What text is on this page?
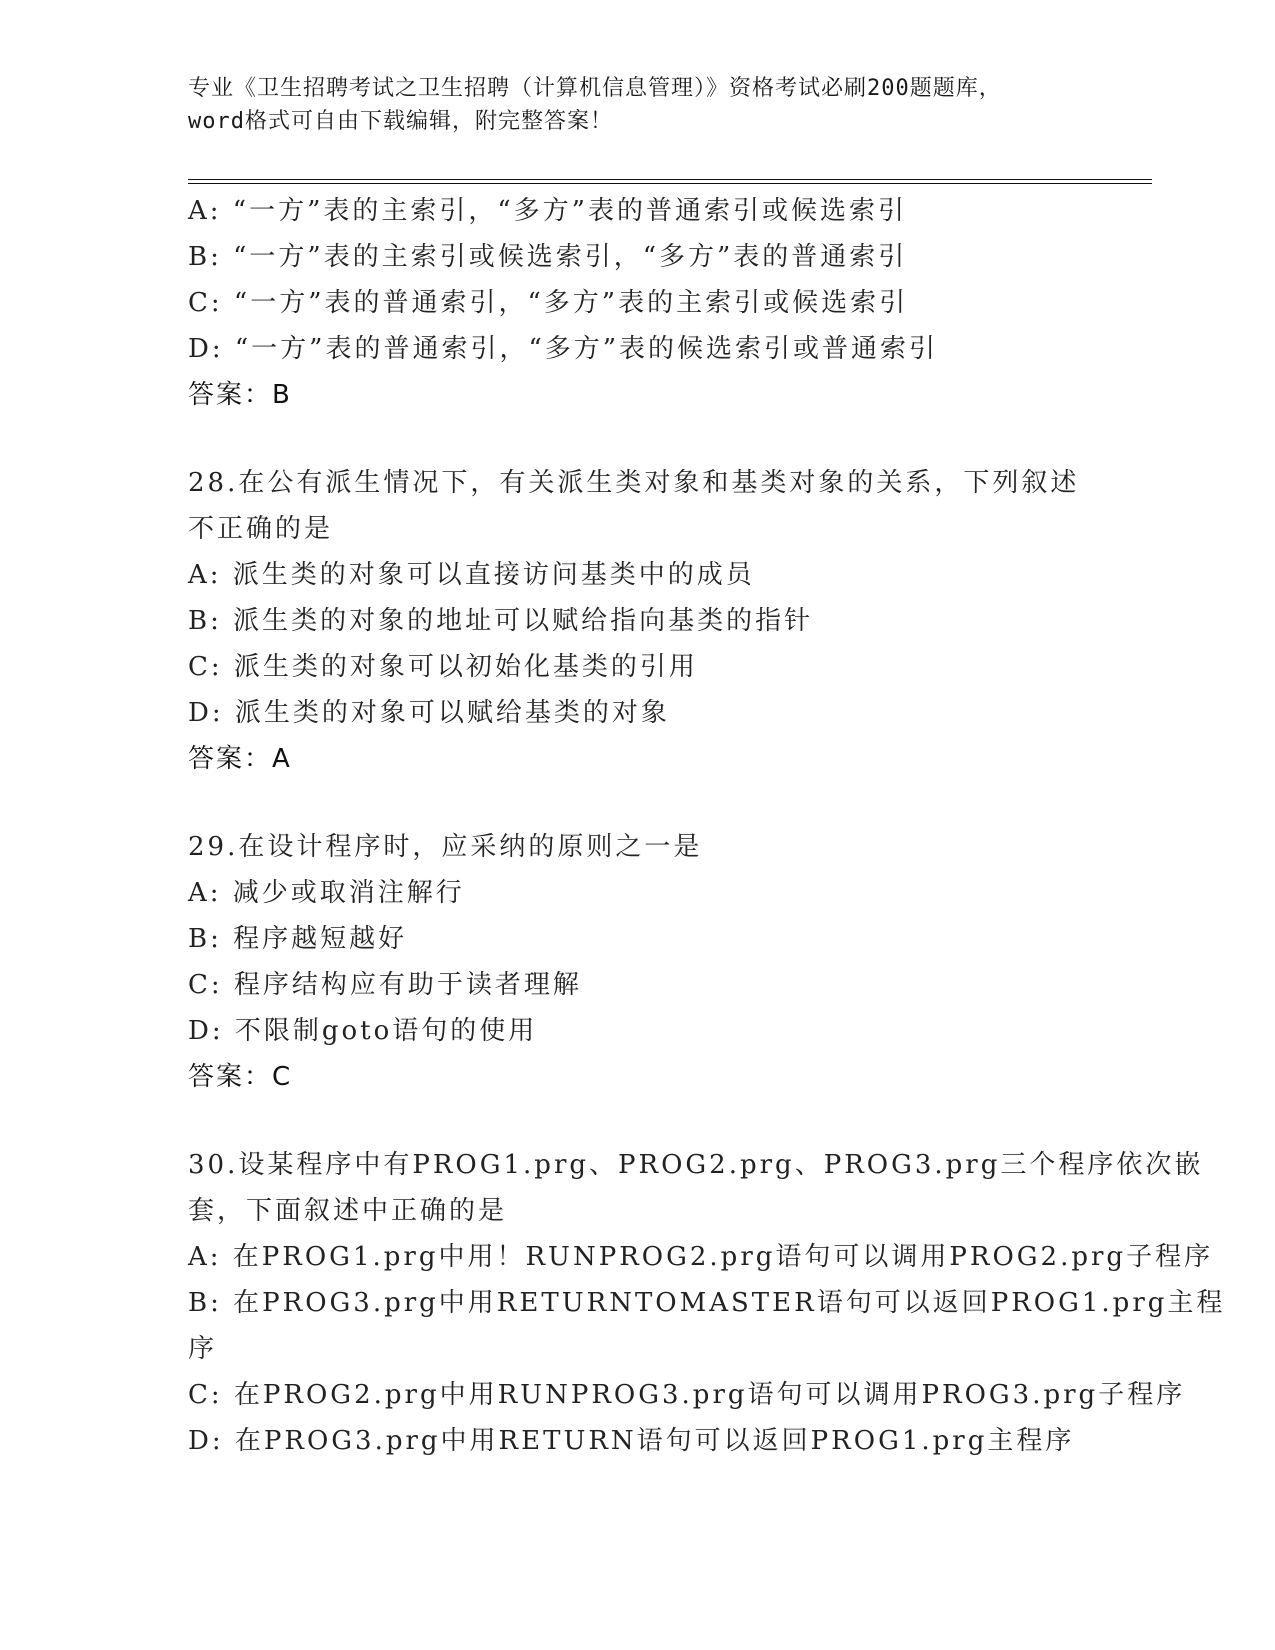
专业《卫生招聘考试之卫生招聘（计算机信息管理）》资格考试必刷200题题库，
word格式可自由下载编辑，附完整答案！
A: “一方”表的主索引，“多方”表的普通索引或候选索引
B: “一方”表的主索引或候选索引，“多方”表的普通索引
C: “一方”表的普通索引，“多方”表的主索引或候选索引
D: “一方”表的普通索引，“多方”表的候选索引或普通索引
答案：B
28.在公有派生情况下，有关派生类对象和基类对象的关系，下列叙述
不正确的是
A: 派生类的对象可以直接访问基类中的成员
B: 派生类的对象的地址可以赋给指向基类的指针
C: 派生类的对象可以初始化基类的引用
D: 派生类的对象可以赋给基类的对象
答案：A
29.在设计程序时，应采纳的原则之一是
A: 减少或取消注解行
B: 程序越短越好
C: 程序结构应有助于读者理解
D: 不限制goto语句的使用
答案：C
30.设某程序中有PROG1.prg、PROG2.prg、PROG3.prg三个程序依次嵌
套，下面叙述中正确的是
A: 在PROG1.prg中用！RUNPROG2.prg语句可以调用PROG2.prg子程序
B: 在PROG3.prg中用RETURNTOMASTER语句可以返回PROG1.prg主程
序
C: 在PROG2.prg中用RUNPROG3.prg语句可以调用PROG3.prg子程序
D: 在PROG3.prg中用RETURN语句可以返回PROG1.prg主程序
